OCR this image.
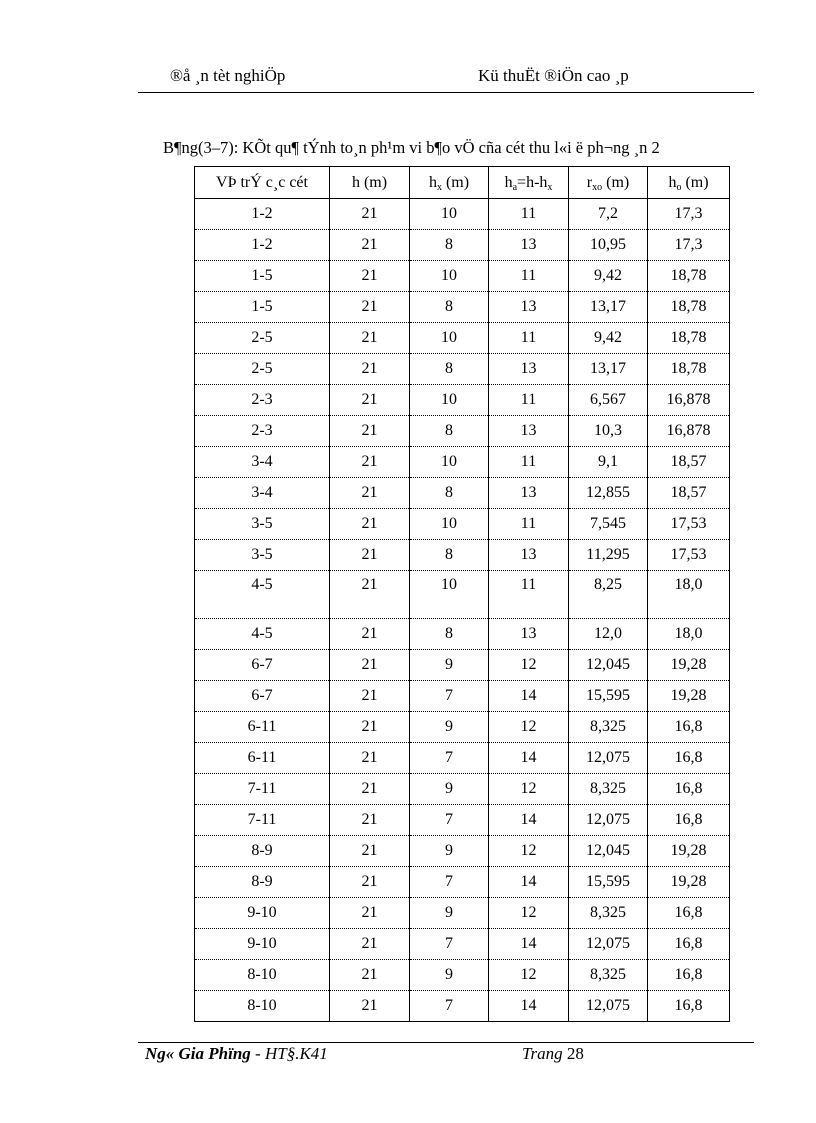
®å ¸n tèt nghiÖp	Kü thuËt ®iÖn cao ¸p
B¶ng(3–7): KÕt qu¶ tÝnh to¸n ph¹m vi b¶o vÖ cña cét thu l«i ë ph¬ng ¸n 2
VÞ trÝ c¸c cét	h (m)	$h_x$ (m)	$h_a=h-h_x$	$r_{xo}$ (m)	$h_o$ (m)
1-2	21	10	11	7,2	17,3
1-2	21	8	13	10,95	17,3
1-5	21	10	11	9,42	18,78
1-5	21	8	13	13,17	18,78
2-5	21	10	11	9,42	18,78
2-5	21	8	13	13,17	18,78
2-3	21	10	11	6,567	16,878
2-3	21	8	13	10,3	16,878
3-4	21	10	11	9,1	18,57
3-4	21	8	13	12,855	18,57
3-5	21	10	11	7,545	17,53
3-5	21	8	13	11,295	17,53
4-5	21	10	11	8,25	18,0
4-5	21	8	13	12,0	18,0
6-7	21	9	12	12,045	19,28
6-7	21	7	14	15,595	19,28
6-11	21	9	12	8,325	16,8
6-11	21	7	14	12,075	16,8
7-11	21	9	12	8,325	16,8
7-11	21	7	14	12,075	16,8
8-9	21	9	12	12,045	19,28
8-9	21	7	14	15,595	19,28
9-10	21	9	12	8,325	16,8
9-10	21	7	14	12,075	16,8
8-10	21	9	12	8,325	16,8
8-10	21	7	14	12,075	16,8
Ng« Gia Phïng - HT§.K41	Trang 28
